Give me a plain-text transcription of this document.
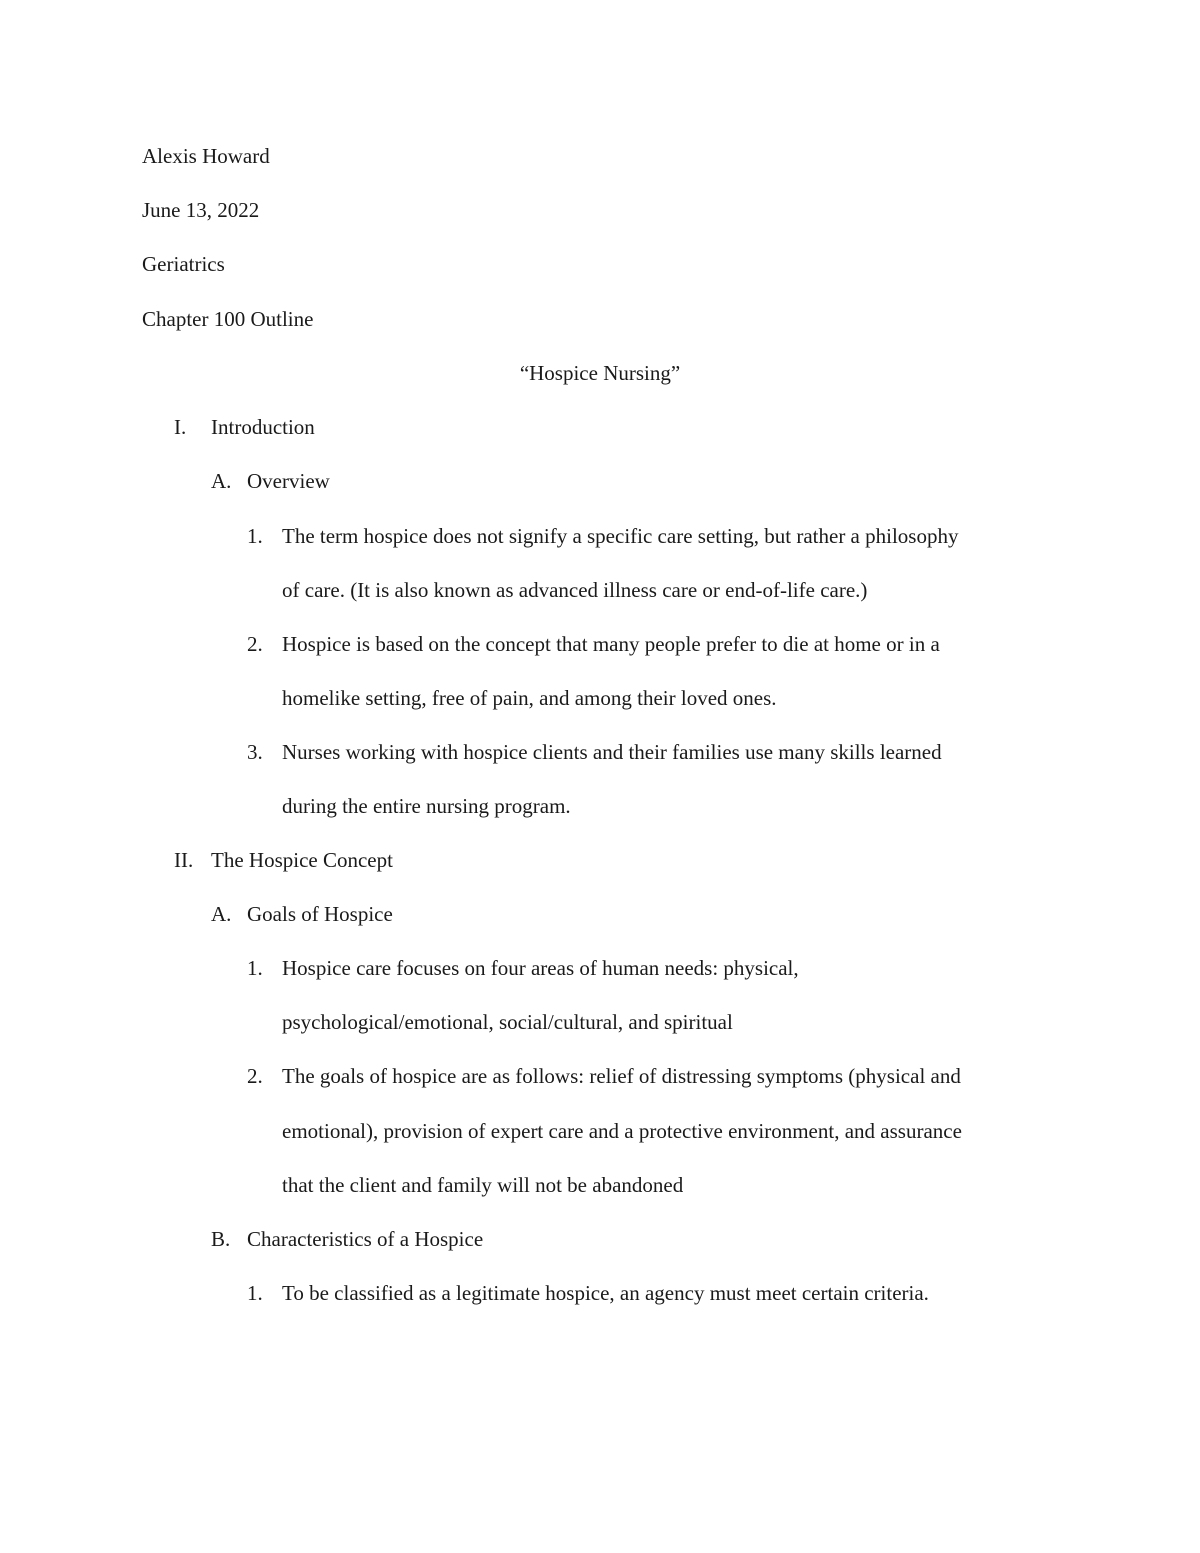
Alexis Howard
June 13, 2022
Geriatrics
Chapter 100 Outline
“Hospice Nursing”
I. Introduction
A. Overview
1. The term hospice does not signify a specific care setting, but rather a philosophy
of care. (It is also known as advanced illness care or end-of-life care.)
2. Hospice is based on the concept that many people prefer to die at home or in a
homelike setting, free of pain, and among their loved ones.
3. Nurses working with hospice clients and their families use many skills learned
during the entire nursing program.
II. The Hospice Concept
A. Goals of Hospice
1. Hospice care focuses on four areas of human needs: physical,
psychological/emotional, social/cultural, and spiritual
2. The goals of hospice are as follows: relief of distressing symptoms (physical and
emotional), provision of expert care and a protective environment, and assurance
that the client and family will not be abandoned
B. Characteristics of a Hospice
1. To be classified as a legitimate hospice, an agency must meet certain criteria.
